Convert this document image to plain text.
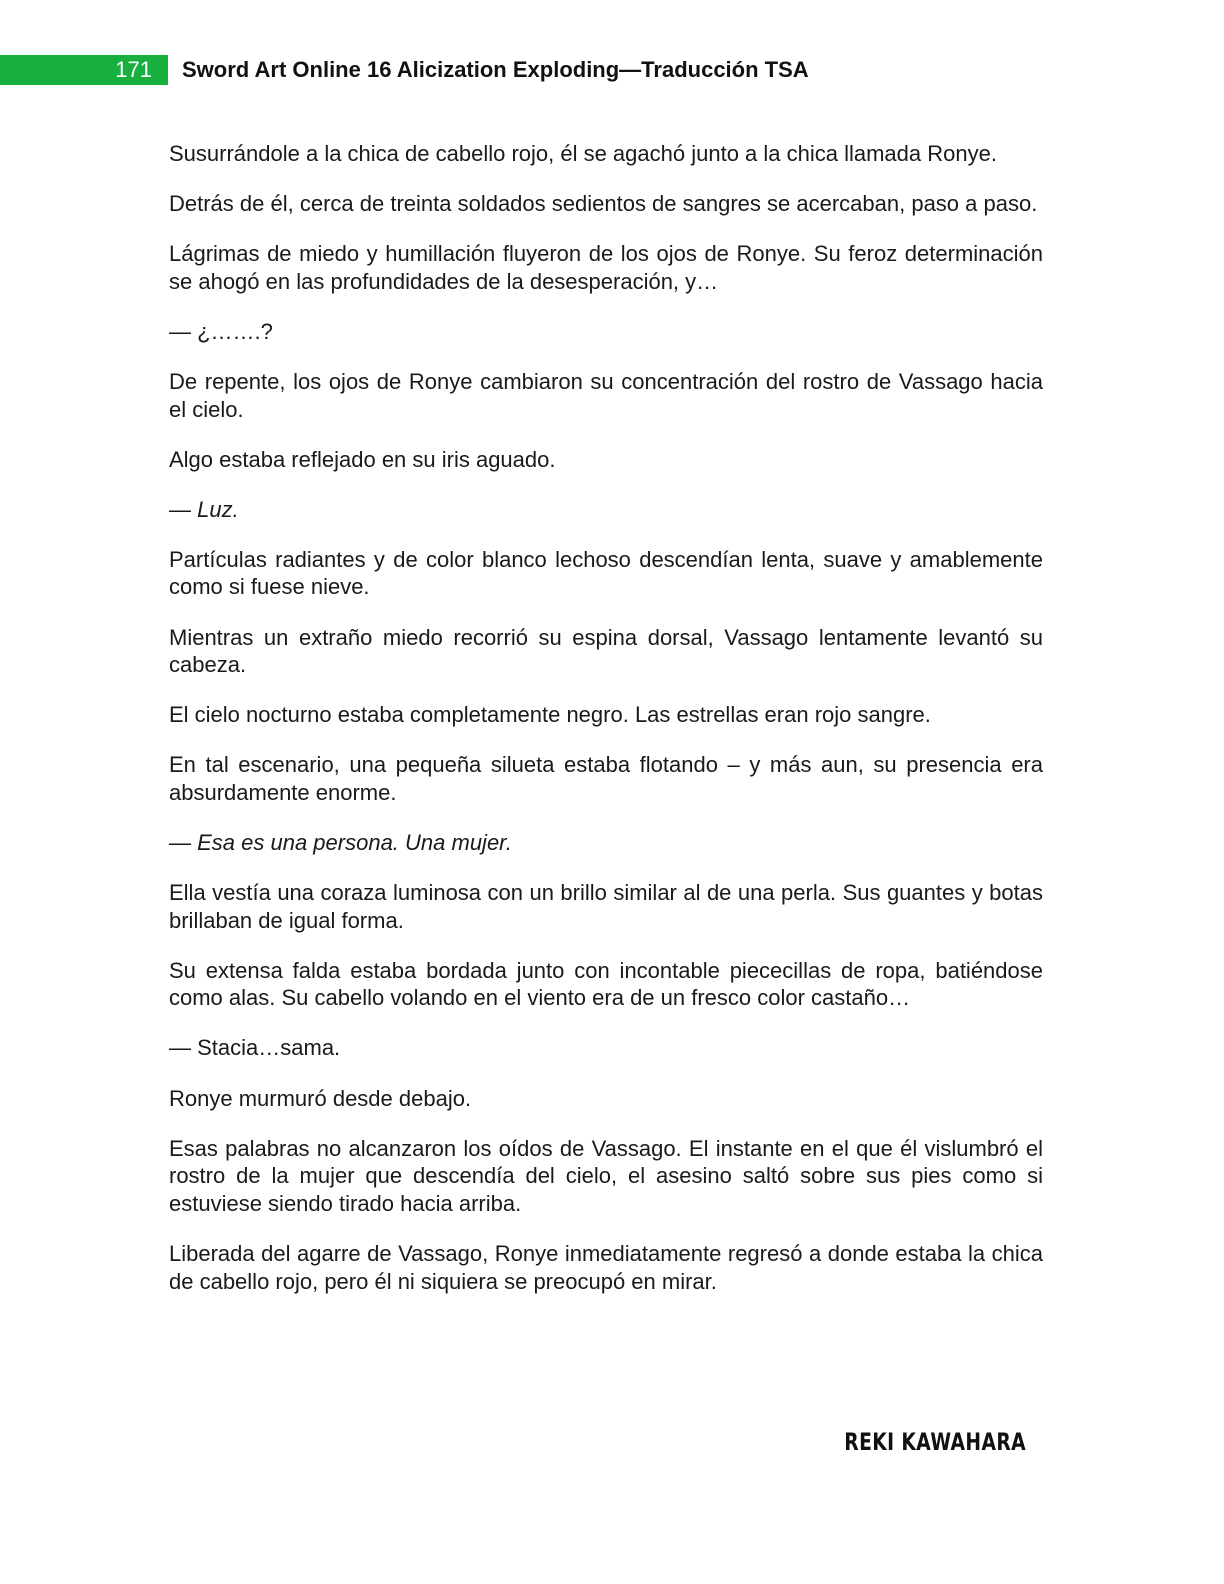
171 Sword Art Online 16 Alicization Exploding—Traducción TSA

Susurrándole a la chica de cabello rojo, él se agachó junto a la chica llamada Ronye.

Detrás de él, cerca de treinta soldados sedientos de sangres se acercaban, paso a paso.

Lágrimas de miedo y humillación fluyeron de los ojos de Ronye. Su feroz determinación se ahogó en las profundidades de la desesperación, y…

— ¿…….?

De repente, los ojos de Ronye cambiaron su concentración del rostro de Vassago hacia el cielo.

Algo estaba reflejado en su iris aguado.

— Luz.

Partículas radiantes y de color blanco lechoso descendían lenta, suave y amablemente como si fuese nieve.

Mientras un extraño miedo recorrió su espina dorsal, Vassago lentamente levantó su cabeza.

El cielo nocturno estaba completamente negro. Las estrellas eran rojo sangre.

En tal escenario, una pequeña silueta estaba flotando – y más aun, su presencia era absurdamente enorme.

— Esa es una persona. Una mujer.

Ella vestía una coraza luminosa con un brillo similar al de una perla. Sus guantes y botas brillaban de igual forma.

Su extensa falda estaba bordada junto con incontable piececillas de ropa, batiéndose como alas. Su cabello volando en el viento era de un fresco color castaño…

— Stacia…sama.

Ronye murmuró desde debajo.

Esas palabras no alcanzaron los oídos de Vassago. El instante en el que él vislumbró el rostro de la mujer que descendía del cielo, el asesino saltó sobre sus pies como si estuviese siendo tirado hacia arriba.

Liberada del agarre de Vassago, Ronye inmediatamente regresó a donde estaba la chica de cabello rojo, pero él ni siquiera se preocupó en mirar.

REKI KAWAHARA
